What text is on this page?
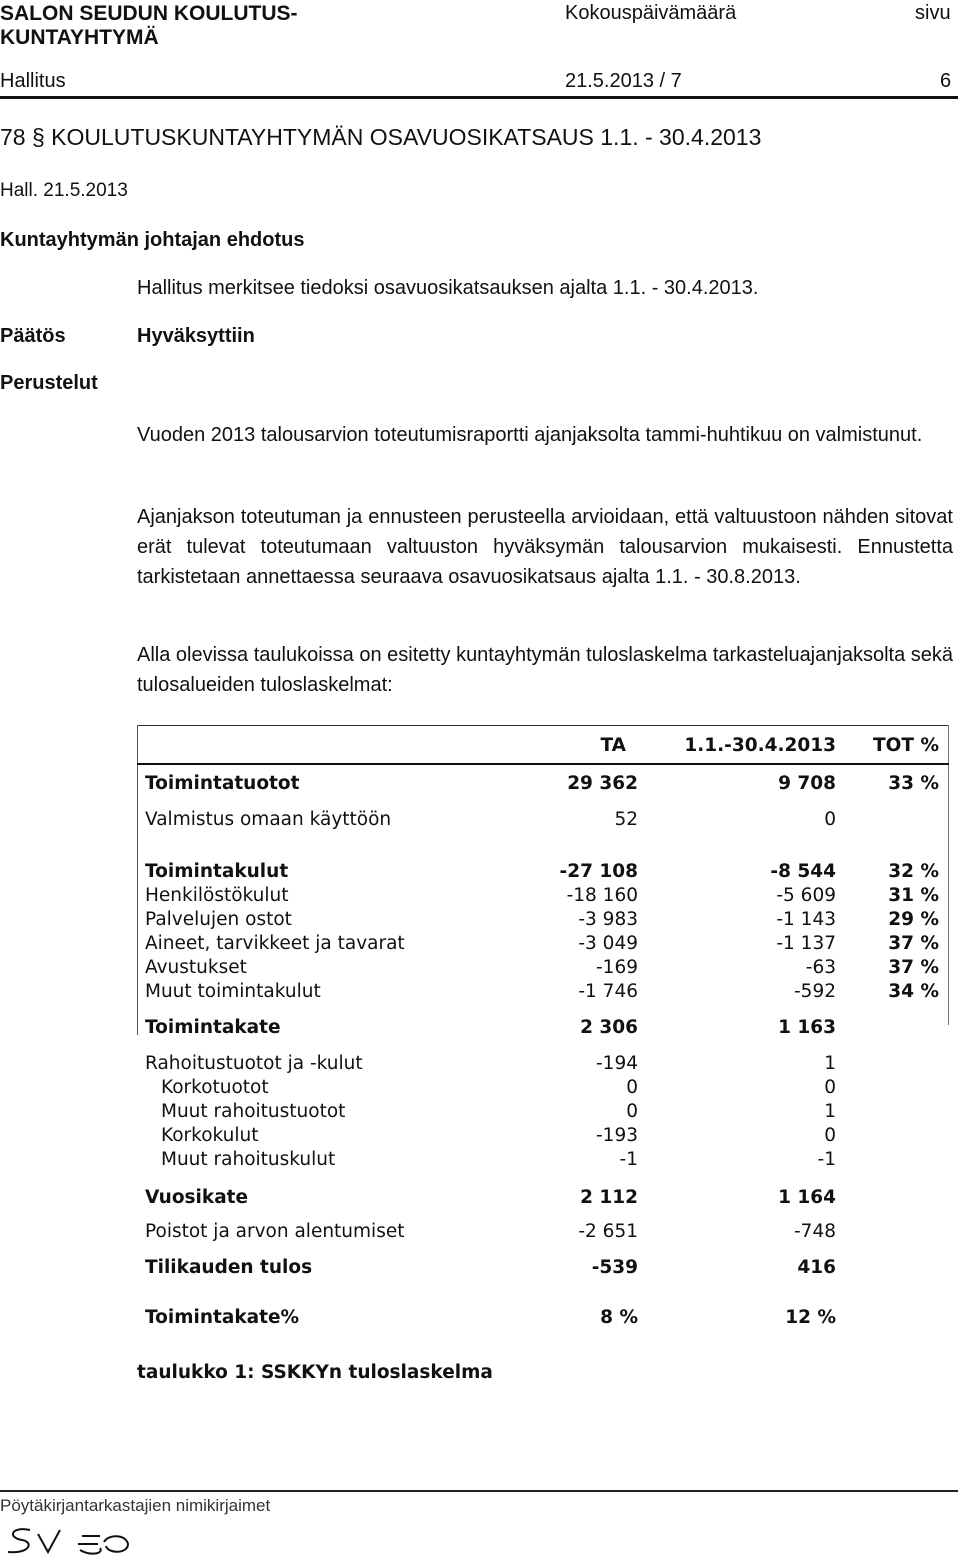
SALON SEUDUN KOULUTUS-
KUNTAYHTYMÄ
Kokouspäivämäärä	sivu
Hallitus	21.5.2013 / 7	6
78 § KOULUTUSKUNTAYHTYMÄN OSAVUOSIKATSAUS 1.1. - 30.4.2013
Hall. 21.5.2013
Kuntayhtymän johtajan ehdotus
Hallitus merkitsee tiedoksi osavuosikatsauksen ajalta 1.1. - 30.4.2013.
Päätös	Hyväksyttiin
Perustelut
Vuoden 2013 talousarvion toteutumisraportti ajanjaksolta tammi-huhtikuu on valmistunut.
Ajanjakson toteutuman ja ennusteen perusteella arvioidaan, että valtuustoon nähden sitovat erät tulevat toteutumaan valtuuston hyväksymän talousarvion mukaisesti. Ennustetta tarkistetaan annettaessa seuraava osavuosikatsaus ajalta 1.1. - 30.8.2013.
Alla olevissa taulukoissa on esitetty kuntayhtymän tuloslaskelma tarkasteluajanjaksolta sekä tulosalueiden tuloslaskelmat:
	TA	1.1.-30.4.2013	TOT %

Toimintatuotot	29 362	9 708	33 %

Valmistus omaan käyttöön	52	0	

Toimintakulut	-27 108	-8 544	32 %
Henkilöstökulut	-18 160	-5 609	31 %
Palvelujen ostot	-3 983	-1 143	29 %
Aineet, tarvikkeet ja tavarat	-3 049	-1 137	37 %
Avustukset	-169	-63	37 %
Muut toimintakulut	-1 746	-592	34 %

Toimintakate	2 306	1 163	

Rahoitustuotot ja -kulut	-194	1	
Korkotuotot	0	0	
Muut rahoitustuotot	0	1	
Korkokulut	-193	0	
Muut rahoituskulut	-1	-1	

Vuosikate	2 112	1 164	

Poistot ja arvon alentumiset	-2 651	-748	

Tilikauden tulos	-539	416	

Toimintakate%	8 %	12 %	
taulukko 1: SSKKYn tuloslaskelma
Pöytäkirjantarkastajien nimikirjaimet
